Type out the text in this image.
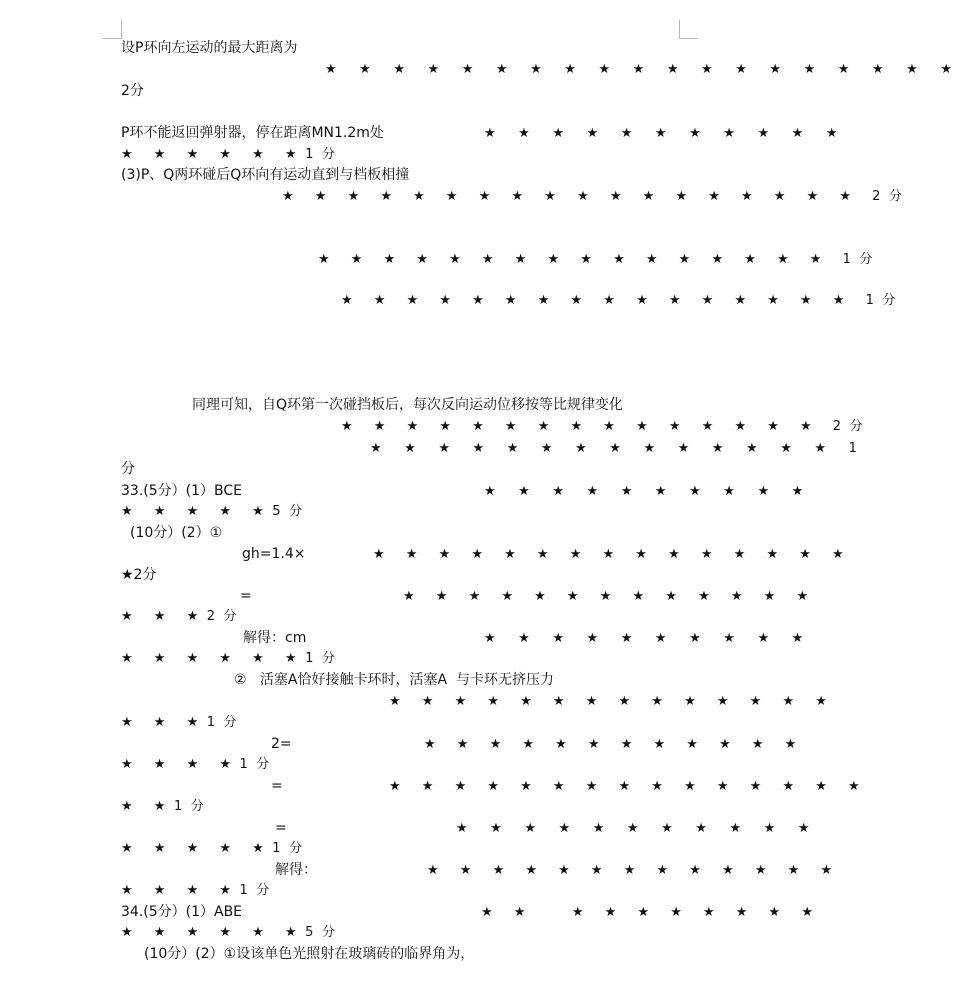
设P环向左运动的最大距离为
★ ★ ★ ★ ★ ★ ★ ★ ★ ★ ★ ★ ★ ★ ★ ★ ★ ★ ★
2分
P环不能返回弹射器，停在距离MN1.2m处	★ ★ ★ ★ ★ ★ ★ ★ ★ ★ ★
★ ★ ★ ★ ★ ★1分
(3)P、Q两环碰后Q环向有运动直到与档板相撞
★ ★ ★ ★ ★ ★ ★ ★ ★ ★ ★ ★ ★ ★ ★ ★ ★ ★ 2分
★ ★ ★ ★ ★ ★ ★ ★ ★ ★ ★ ★ ★ ★ ★ ★ 1分
★ ★ ★ ★ ★ ★ ★ ★ ★ ★ ★ ★ ★ ★ ★ ★ 1分
同理可知，自Q环第一次碰挡板后，每次反向运动位移按等比规律变化
★ ★ ★ ★ ★ ★ ★ ★ ★ ★ ★ ★ ★ ★ ★ 2分
★ ★ ★ ★ ★ ★ ★ ★ ★ ★ ★ ★ ★ ★ 1
分
33.(5分）(1）BCE	★ ★ ★ ★ ★ ★ ★ ★ ★ ★
★ ★ ★ ★ ★5分
(10分）(2）①
gh=1.4×	★ ★ ★ ★ ★ ★ ★ ★ ★ ★ ★ ★ ★ ★ ★
★2分
=	★ ★ ★ ★ ★ ★ ★ ★ ★ ★ ★ ★ ★
★ ★ ★2分
解得：cm	★ ★ ★ ★ ★ ★ ★ ★ ★ ★
★ ★ ★ ★ ★ ★1分
②   活塞A恰好接触卡环时，活塞A  与卡环无挤压力
★ ★ ★ ★ ★ ★ ★ ★ ★ ★ ★ ★ ★ ★
★ ★ ★1分
2=	★ ★ ★ ★ ★ ★ ★ ★ ★ ★ ★ ★
★ ★ ★ ★1分
=	★ ★ ★ ★ ★ ★ ★ ★ ★ ★ ★ ★ ★ ★ ★
★ ★1分
=	★ ★ ★ ★ ★ ★ ★ ★ ★ ★ ★
★ ★ ★ ★ ★1分
解得：	★ ★ ★ ★ ★ ★ ★ ★ ★ ★ ★ ★ ★
★ ★ ★ ★1分
34.(5分）(1）ABE	★ ★   ★ ★ ★ ★ ★ ★ ★ ★
★ ★ ★ ★ ★ ★5分
(10分）(2）①设该单色光照射在玻璃砖的临界角为，
